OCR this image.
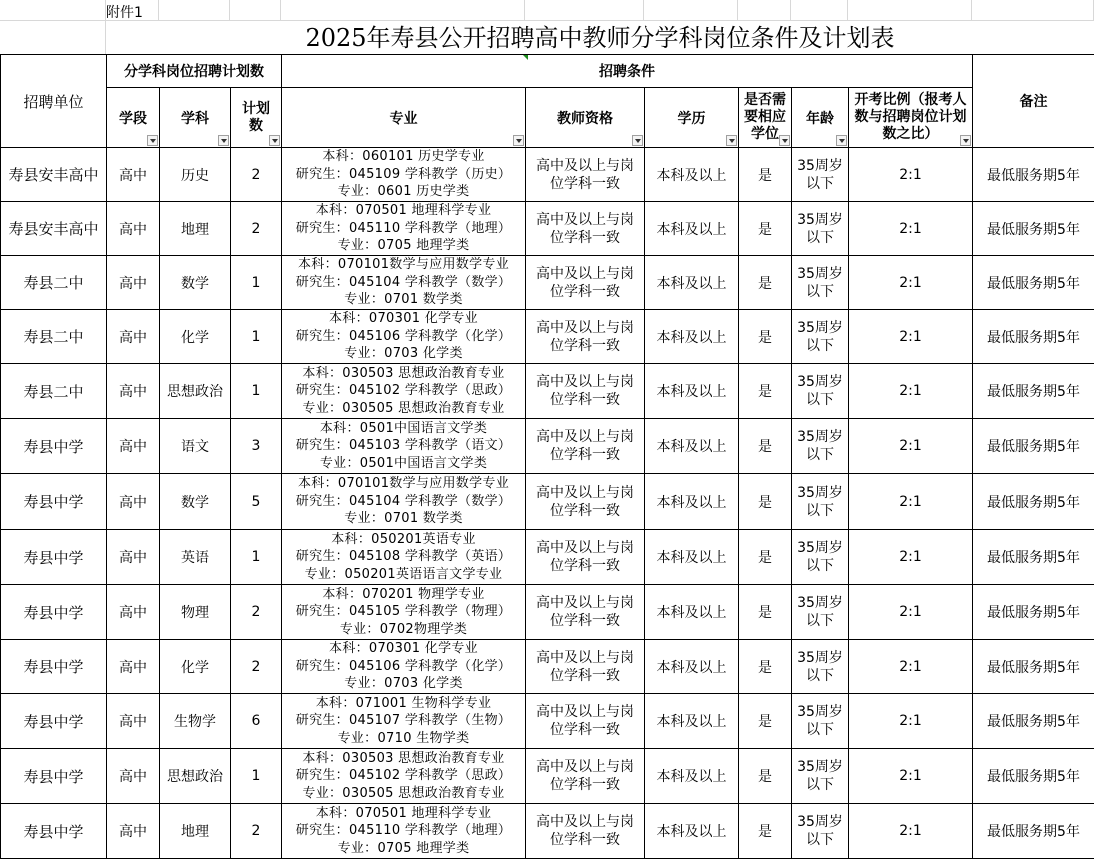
附件1
2025年寿县公开招聘高中教师分学科岗位条件及计划表
招聘单位	分学科岗位招聘计划数			招聘条件						备注
	学段	学科	计划数	专业	教师资格	学历	是否需要相应学位	年龄	开考比例（报考人数与招聘岗位计划数之比）	

寿县安丰高中	高中	历史	2	本科：060101 历史学专业
研究生：045109 学科教学（历史）
专业：0601 历史学类	高中及以上与岗位学科一致	本科及以上	是	35周岁以下	2:1	最低服务期5年
寿县安丰高中	高中	地理	2	本科：070501 地理科学专业
研究生：045110 学科教学（地理）
专业：0705 地理学类	高中及以上与岗位学科一致	本科及以上	是	35周岁以下	2:1	最低服务期5年
寿县二中	高中	数学	1	本科：070101数学与应用数学专业
研究生：045104 学科教学（数学）
专业：0701 数学类	高中及以上与岗位学科一致	本科及以上	是	35周岁以下	2:1	最低服务期5年
寿县二中	高中	化学	1	本科：070301 化学专业
研究生：045106 学科教学（化学）
专业：0703 化学类	高中及以上与岗位学科一致	本科及以上	是	35周岁以下	2:1	最低服务期5年
寿县二中	高中	思想政治	1	本科：030503 思想政治教育专业
研究生：045102 学科教学（思政）
专业：030505 思想政治教育专业	高中及以上与岗位学科一致	本科及以上	是	35周岁以下	2:1	最低服务期5年
寿县中学	高中	语文	3	本科：0501中国语言文学类
研究生：045103 学科教学（语文）
专业：0501中国语言文学类	高中及以上与岗位学科一致	本科及以上	是	35周岁以下	2:1	最低服务期5年
寿县中学	高中	数学	5	本科：070101数学与应用数学专业
研究生：045104 学科教学（数学）
专业：0701 数学类	高中及以上与岗位学科一致	本科及以上	是	35周岁以下	2:1	最低服务期5年
寿县中学	高中	英语	1	本科：050201英语专业
研究生：045108 学科教学（英语）
专业：050201英语语言文学专业	高中及以上与岗位学科一致	本科及以上	是	35周岁以下	2:1	最低服务期5年
寿县中学	高中	物理	2	本科：070201 物理学专业
研究生：045105 学科教学（物理）
专业：0702物理学类	高中及以上与岗位学科一致	本科及以上	是	35周岁以下	2:1	最低服务期5年
寿县中学	高中	化学	2	本科：070301 化学专业
研究生：045106 学科教学（化学）
专业：0703 化学类	高中及以上与岗位学科一致	本科及以上	是	35周岁以下	2:1	最低服务期5年
寿县中学	高中	生物学	6	本科：071001 生物科学专业
研究生：045107 学科教学（生物）
专业：0710 生物学类	高中及以上与岗位学科一致	本科及以上	是	35周岁以下	2:1	最低服务期5年
寿县中学	高中	思想政治	1	本科：030503 思想政治教育专业
研究生：045102 学科教学（思政）
专业：030505 思想政治教育专业	高中及以上与岗位学科一致	本科及以上	是	35周岁以下	2:1	最低服务期5年
寿县中学	高中	地理	2	本科：070501 地理科学专业
研究生：045110 学科教学（地理）
专业：0705 地理学类	高中及以上与岗位学科一致	本科及以上	是	35周岁以下	2:1	最低服务期5年
